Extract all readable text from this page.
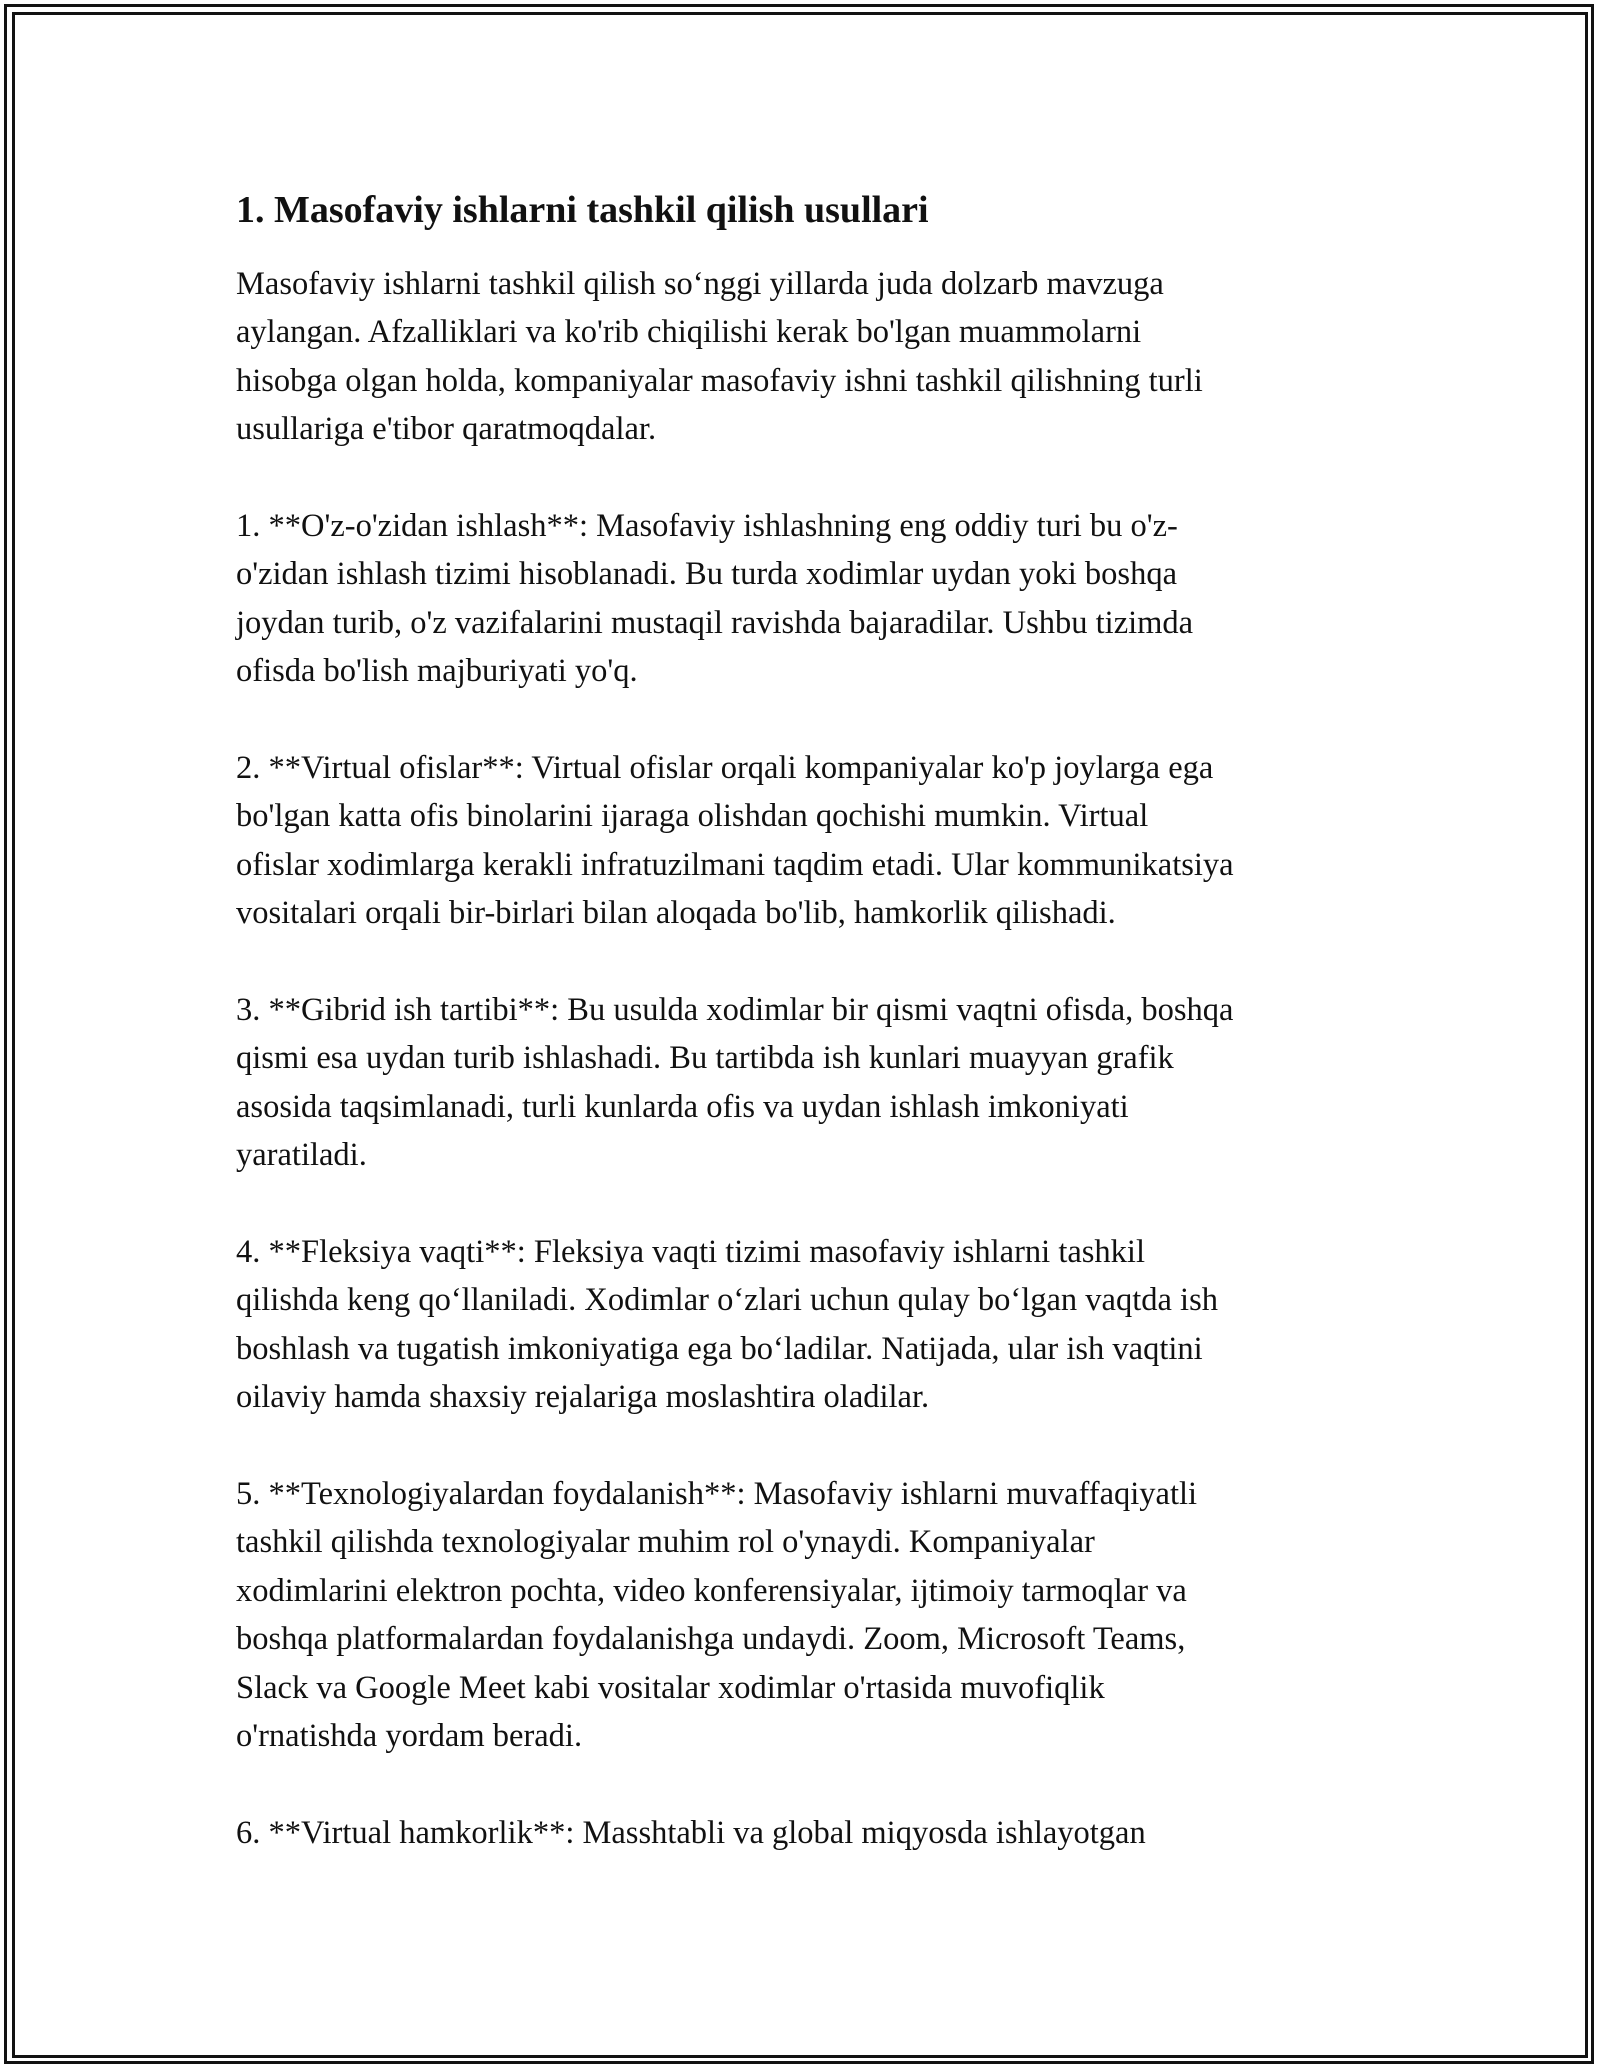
1. Masofaviy ishlarni tashkil qilish usullari
Masofaviy ishlarni tashkil qilish so‘nggi yillarda juda dolzarb mavzuga
aylangan. Afzalliklari va ko'rib chiqilishi kerak bo'lgan muammolarni
hisobga olgan holda, kompaniyalar masofaviy ishni tashkil qilishning turli
usullariga e'tibor qaratmoqdalar.
1. **O'z-o'zidan ishlash**: Masofaviy ishlashning eng oddiy turi bu o'z-
o'zidan ishlash tizimi hisoblanadi. Bu turda xodimlar uydan yoki boshqa
joydan turib, o'z vazifalarini mustaqil ravishda bajaradilar. Ushbu tizimda
ofisda bo'lish majburiyati yo'q.
2. **Virtual ofislar**: Virtual ofislar orqali kompaniyalar ko'p joylarga ega
bo'lgan katta ofis binolarini ijaraga olishdan qochishi mumkin. Virtual
ofislar xodimlarga kerakli infratuzilmani taqdim etadi. Ular kommunikatsiya
vositalari orqali bir-birlari bilan aloqada bo'lib, hamkorlik qilishadi.
3. **Gibrid ish tartibi**: Bu usulda xodimlar bir qismi vaqtni ofisda, boshqa
qismi esa uydan turib ishlashadi. Bu tartibda ish kunlari muayyan grafik
asosida taqsimlanadi, turli kunlarda ofis va uydan ishlash imkoniyati
yaratiladi.
4. **Fleksiya vaqti**: Fleksiya vaqti tizimi masofaviy ishlarni tashkil
qilishda keng qo‘llaniladi. Xodimlar o‘zlari uchun qulay bo‘lgan vaqtda ish
boshlash va tugatish imkoniyatiga ega bo‘ladilar. Natijada, ular ish vaqtini
oilaviy hamda shaxsiy rejalariga moslashtira oladilar.
5. **Texnologiyalardan foydalanish**: Masofaviy ishlarni muvaffaqiyatli
tashkil qilishda texnologiyalar muhim rol o'ynaydi. Kompaniyalar
xodimlarini elektron pochta, video konferensiyalar, ijtimoiy tarmoqlar va
boshqa platformalardan foydalanishga undaydi. Zoom, Microsoft Teams,
Slack va Google Meet kabi vositalar xodimlar o'rtasida muvofiqlik
o'rnatishda yordam beradi.
6. **Virtual hamkorlik**: Masshtabli va global miqyosda ishlayotgan
